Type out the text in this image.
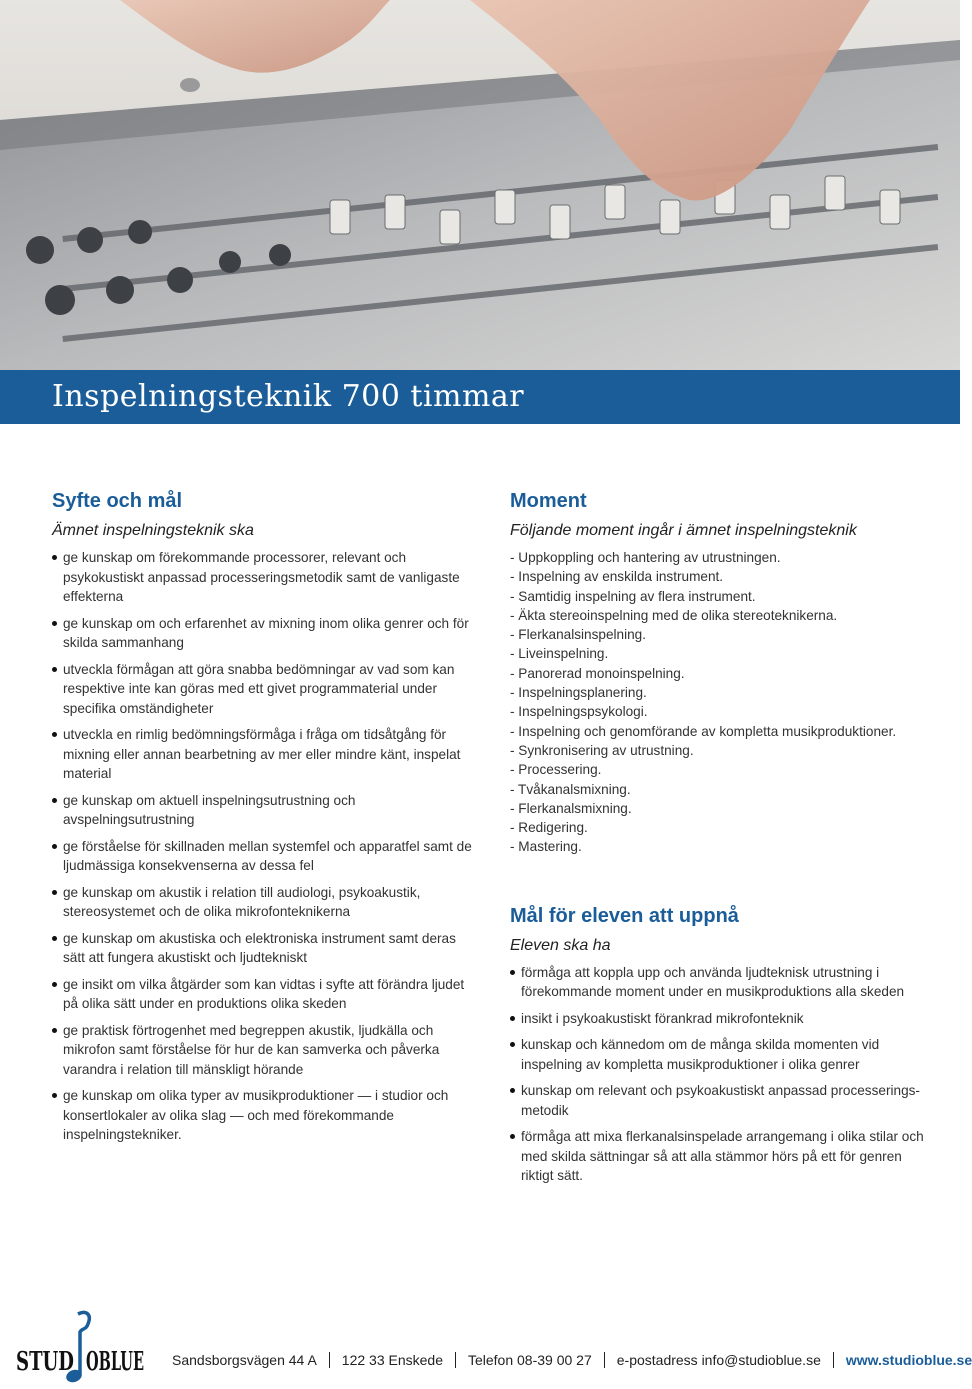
Inspelningsteknik 700 timmar
Syfte och mål
Ämnet inspelningsteknik ska
ge kunskap om förekommande processorer, relevant och psykokustiskt anpassad processeringsmetodik samt de vanligaste effekterna
ge kunskap om och erfarenhet av mixning inom olika genrer och för skilda sammanhang
utveckla förmågan att göra snabba bedömningar av vad som kan respektive inte kan göras med ett givet programmaterial under specifika omständigheter
utveckla en rimlig bedömningsförmåga i fråga om tidsåtgång för mixning eller annan bearbetning av mer eller mindre känt, inspelat material
ge kunskap om aktuell inspelningsutrustning och avspelningsutrustning
ge förståelse för skillnaden mellan systemfel och apparatfel samt de ljudmässiga konsekvenserna av dessa fel
ge kunskap om akustik i relation till audiologi, psykoakustik, stereosystemet och de olika mikrofonteknikerna
ge kunskap om akustiska och elektroniska instrument samt deras sätt att fungera akustiskt och ljudtekniskt
ge insikt om vilka åtgärder som kan vidtas i syfte att förändra ljudet på olika sätt under en produktions olika skeden
ge praktisk förtrogenhet med begreppen akustik, ljudkälla och mikrofon samt förståelse för hur de kan samverka och påverka varandra i relation till mänskligt hörande
ge kunskap om olika typer av musikproduktioner — i studior och konsertlokaler av olika slag — och med förekommande inspelningstekniker.
Moment
Följande moment ingår i ämnet inspelningsteknik
- Uppkoppling och hantering av utrustningen.
- Inspelning av enskilda instrument.
- Samtidig inspelning av flera instrument.
- Äkta stereoinspelning med de olika stereoteknikerna.
- Flerkanalsinspelning.
- Liveinspelning.
- Panorerad monoinspelning.
- Inspelningsplanering.
- Inspelningspsykologi.
- Inspelning och genomförande av kompletta musikproduktioner.
- Synkronisering av utrustning.
- Processering.
- Tvåkanalsmixning.
- Flerkanalsmixning.
- Redigering.
- Mastering.
Mål för eleven att uppnå
Eleven ska ha
förmåga att koppla upp och använda ljudteknisk utrustning i förekommande moment under en musikproduktions alla skeden
insikt i psykoakustiskt förankrad mikrofonteknik
kunskap och kännedom om de många skilda momenten vid inspelning av kompletta musikproduktioner i olika genrer
kunskap om relevant och psykoakustiskt anpassad processerings-metodik
förmåga att mixa flerkanalsinspelade arrangemang i olika stilar och med skilda sättningar så att alla stämmor hörs på ett för genren riktigt sätt.
STUD OBLUE Sandsborgsvägen 44 A 122 33 Enskede Telefon 08-39 00 27 e-postadress info@studioblue.se www.studioblue.se
